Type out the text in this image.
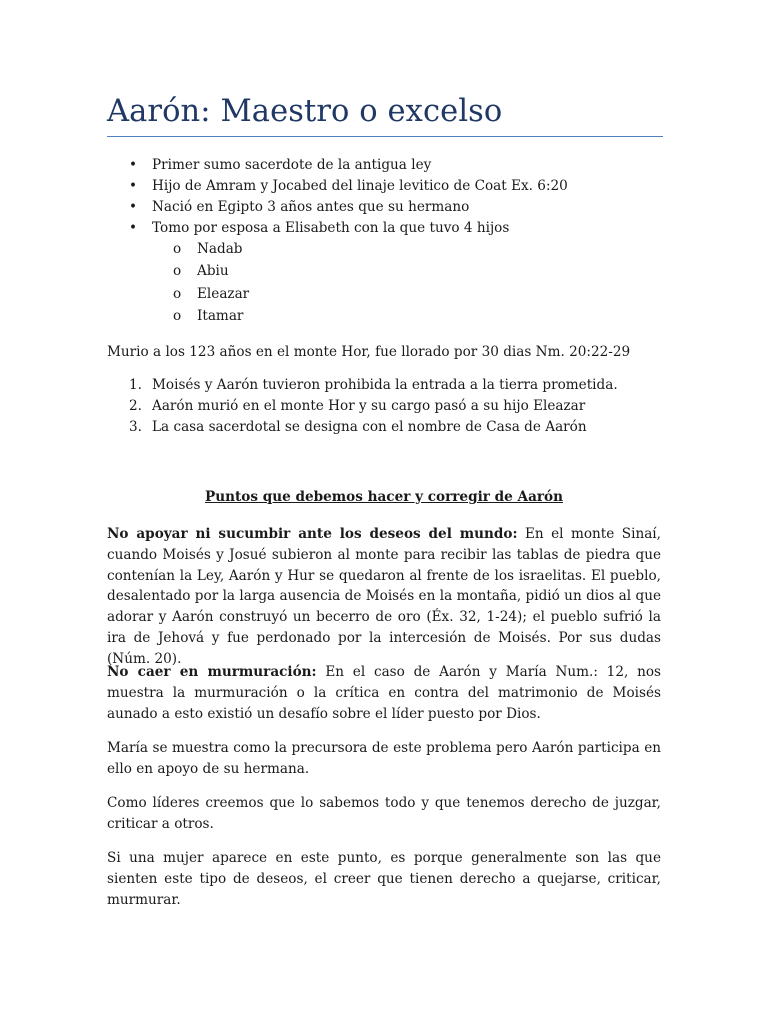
Aarón: Maestro o excelso
• Primer sumo sacerdote de la antigua ley
• Hijo de Amram y Jocabed del linaje levitico de Coat Ex. 6:20
• Nació en Egipto 3 años antes que su hermano
• Tomo por esposa a Elisabeth con la que tuvo 4 hijos
o Nadab
o Abiu
o Eleazar
o Itamar

Murio a los 123 años en el monte Hor, fue llorado por 30 dias Nm. 20:22-29

1. Moisés y Aarón tuvieron prohibida la entrada a la tierra prometida.
2. Aarón murió en el monte Hor y su cargo pasó a su hijo Eleazar
3. La casa sacerdotal se designa con el nombre de Casa de Aarón
Puntos que debemos hacer y corregir de Aarón

No apoyar ni sucumbir ante los deseos del mundo: En el monte Sinaí, cuando Moisés y Josué subieron al monte para recibir las tablas de piedra que contenían la Ley, Aarón y Hur se quedaron al frente de los israelitas. El pueblo, desalentado por la larga ausencia de Moisés en la montaña, pidió un dios al que adorar y Aarón construyó un becerro de oro (Éx. 32, 1-24); el pueblo sufrió la ira de Jehová y fue perdonado por la intercesión de Moisés. Por sus dudas (Núm. 20).

No caer en murmuración: En el caso de Aarón y María Num.: 12, nos muestra la murmuración o la crítica en contra del matrimonio de Moisés aunado a esto existió un desafío sobre el líder puesto por Dios.

María se muestra como la precursora de este problema pero Aarón participa en ello en apoyo de su hermana.

Como líderes creemos que lo sabemos todo y que tenemos derecho de juzgar, criticar a otros.

Si una mujer aparece en este punto, es porque generalmente son las que sienten este tipo de deseos, el creer que tienen derecho a quejarse, criticar, murmurar.
